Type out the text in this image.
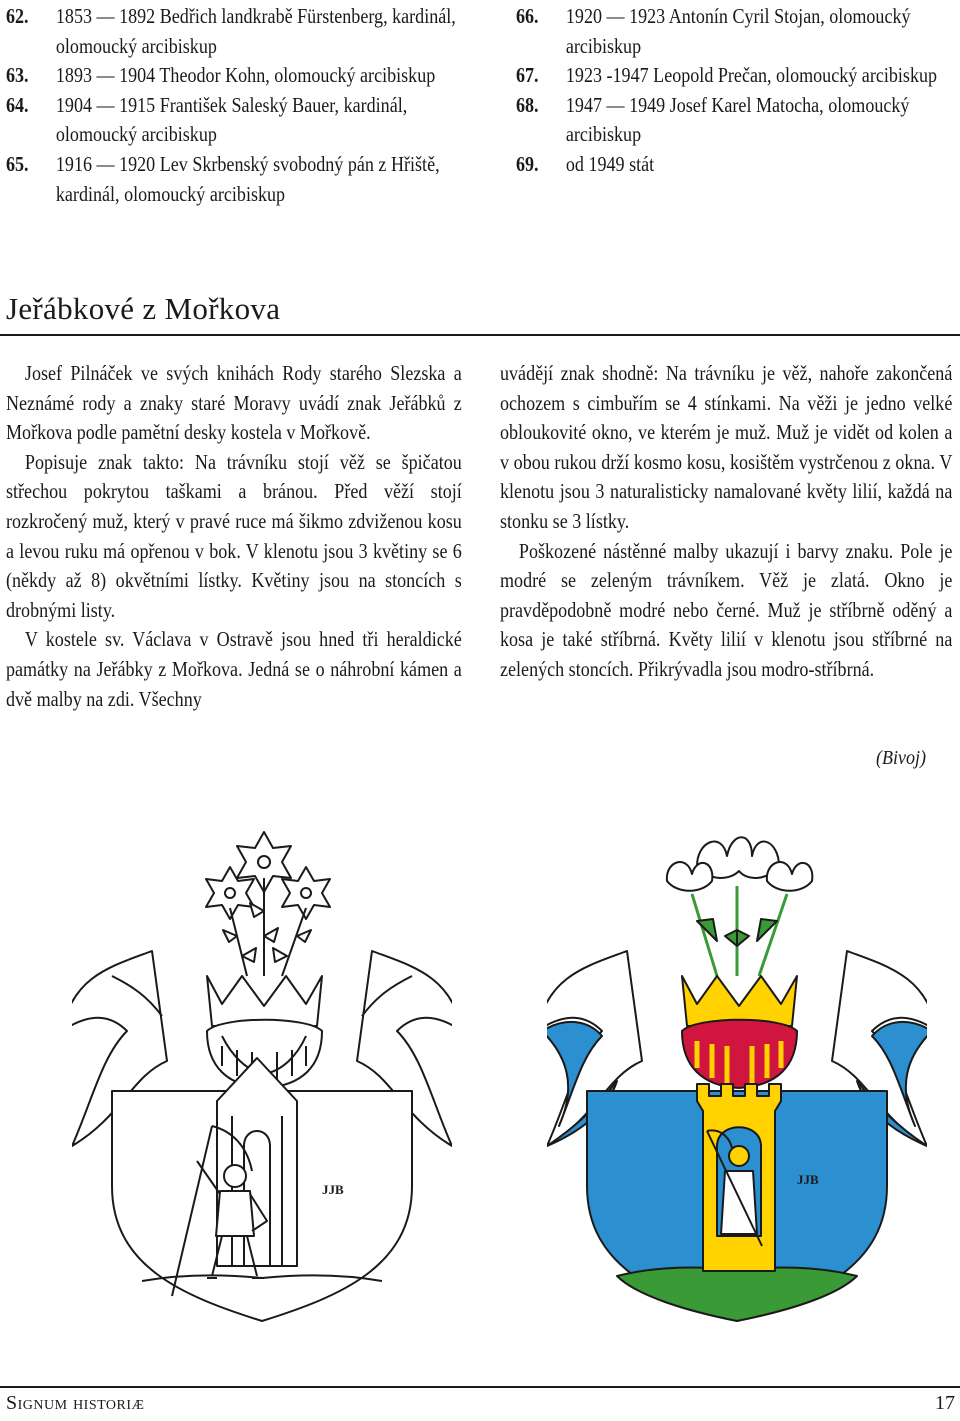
62. 1853 — 1892 Bedřich landkrabě Fürstenberg, kardinál, olomoucký arcibiskup
63. 1893 — 1904 Theodor Kohn, olomoucký arcibiskup
64. 1904 — 1915 František Saleský Bauer, kardinál, olomoucký arcibiskup
65. 1916 — 1920 Lev Skrbenský svobodný pán z Hřiště, kardinál, olomoucký arcibiskup
66. 1920 — 1923 Antonín Cyril Stojan, olomoucký arcibiskup
67. 1923 -1947 Leopold Prečan, olomoucký arcibiskup
68. 1947 — 1949 Josef Karel Matocha, olomoucký arcibiskup
69. od 1949 stát
Jeřábkové z Mořkova

Josef Pilnáček ve svých knihách Rody starého Slezska a Neznámé rody a znaky staré Moravy uvádí znak Jeřábků z Mořkova podle pamětní desky kostela v Mořkově.

Popisuje znak takto: Na trávníku stojí věž se špičatou střechou pokrytou taškami a bránou. Před věží stojí rozkročený muž, který v pravé ruce má šikmo zdviženou kosu a levou ruku má opřenou v bok. V klenotu jsou 3 květiny se 6 (někdy až 8) okvětními lístky. Květiny jsou na stoncích s drobnými listy.

V kostele sv. Václava v Ostravě jsou hned tři heraldické památky na Jeřábky z Mořkova. Jedná se o náhrobní kámen a dvě malby na zdi. Všechny

uvádějí znak shodně: Na trávníku je věž, nahoře zakončená ochozem s cimbuřím se 4 stínkami. Na věži je jedno velké obloukovité okno, ve kterém je muž. Muž je vidět od kolen a v obou rukou drží kosmo kosu, kosištěm vystrčenou z okna. V klenotu jsou 3 naturalisticky namalované květy lilií, každá na stonku se 3 lístky.

Poškozené nástěnné malby ukazují i barvy znaku. Pole je modré se zeleným trávníkem. Věž je zlatá. Okno je pravděpodobně modré nebo černé. Muž je stříbrně oděný a kosa je také stříbrná. Květy lilií v klenotu jsou stříbrné na zelených stoncích. Přikrývadla jsou modro-stříbrná.

(Bivoj)
JJB
JJB
Signum historiæ	17
